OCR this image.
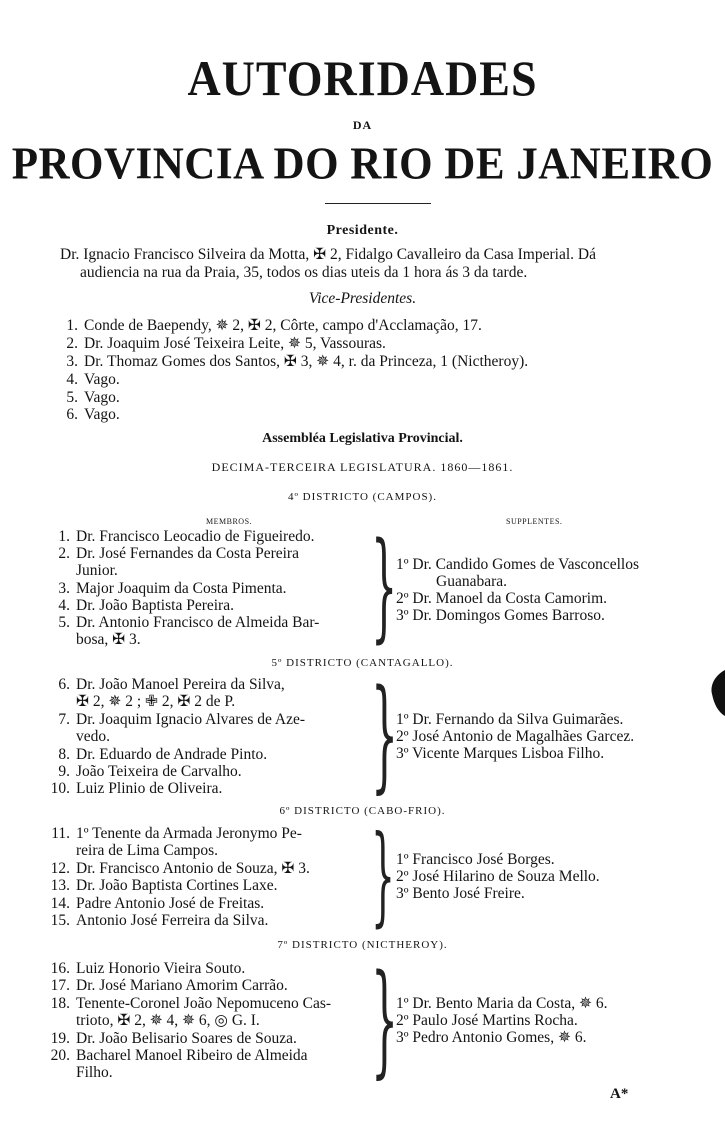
AUTORIDADES
DA
PROVINCIA DO RIO DE JANEIRO
Presidente.
Dr. Ignacio Francisco Silveira da Motta, ✠ 2, Fidalgo Cavalleiro da Casa Imperial. Dá
audiencia na rua da Praia, 35, todos os dias uteis da 1 hora ás 3 da tarde.
Vice-Presidentes.
1. Conde de Baependy, ✵ 2, ✠ 2, Côrte, campo d'Acclamação, 17.
2. Dr. Joaquim José Teixeira Leite, ✵ 5, Vassouras.
3. Dr. Thomaz Gomes dos Santos, ✠ 3, ✵ 4, r. da Princeza, 1 (Nictheroy).
4. Vago.
5. Vago.
6. Vago.
Assembléa Legislativa Provincial.
DECIMA-TERCEIRA LEGISLATURA. 1860—1861.
4º DISTRICTO (CAMPOS).
MEMBROS.	SUPPLENTES.
1. Dr. Francisco Leocadio de Figueiredo.
2. Dr. José Fernandes da Costa Pereira
Junior.
3. Major Joaquim da Costa Pimenta.
4. Dr. João Baptista Pereira.
5. Dr. Antonio Francisco de Almeida Bar-
bosa, ✠ 3. }
1º Dr. Candido Gomes de Vasconcellos
Guanabara.
2º Dr. Manoel da Costa Camorim.
3º Dr. Domingos Gomes Barroso.
5º DISTRICTO (CANTAGALLO).
6. Dr. João Manoel Pereira da Silva,
✠ 2, ✵ 2 ; ✙ 2, ✠ 2 de P.
7. Dr. Joaquim Ignacio Alvares de Aze-
vedo.
8. Dr. Eduardo de Andrade Pinto.
9. João Teixeira de Carvalho.
10. Luiz Plinio de Oliveira. }
1º Dr. Fernando da Silva Guimarães.
2º José Antonio de Magalhães Garcez.
3º Vicente Marques Lisboa Filho.
6º DISTRICTO (CABO-FRIO).
11. 1º Tenente da Armada Jeronymo Pe-
reira de Lima Campos.
12. Dr. Francisco Antonio de Souza, ✠ 3.
13. Dr. João Baptista Cortines Laxe.
14. Padre Antonio José de Freitas.
15. Antonio José Ferreira da Silva. } 1º Francisco José Borges.
2º José Hilarino de Souza Mello.
3º Bento José Freire.
7º DISTRICTO (NICTHEROY).
16. Luiz Honorio Vieira Souto.
17. Dr. José Mariano Amorim Carrão.
18. Tenente-Coronel João Nepomuceno Cas-
trioto, ✠ 2, ✵ 4, ✵ 6, ◎ G. I.
19. Dr. João Belisario Soares de Souza.
20. Bacharel Manoel Ribeiro de Almeida
Filho. }
1º Dr. Bento Maria da Costa, ✵ 6.
2º Paulo José Martins Rocha.
3º Pedro Antonio Gomes, ✵ 6.
A*
